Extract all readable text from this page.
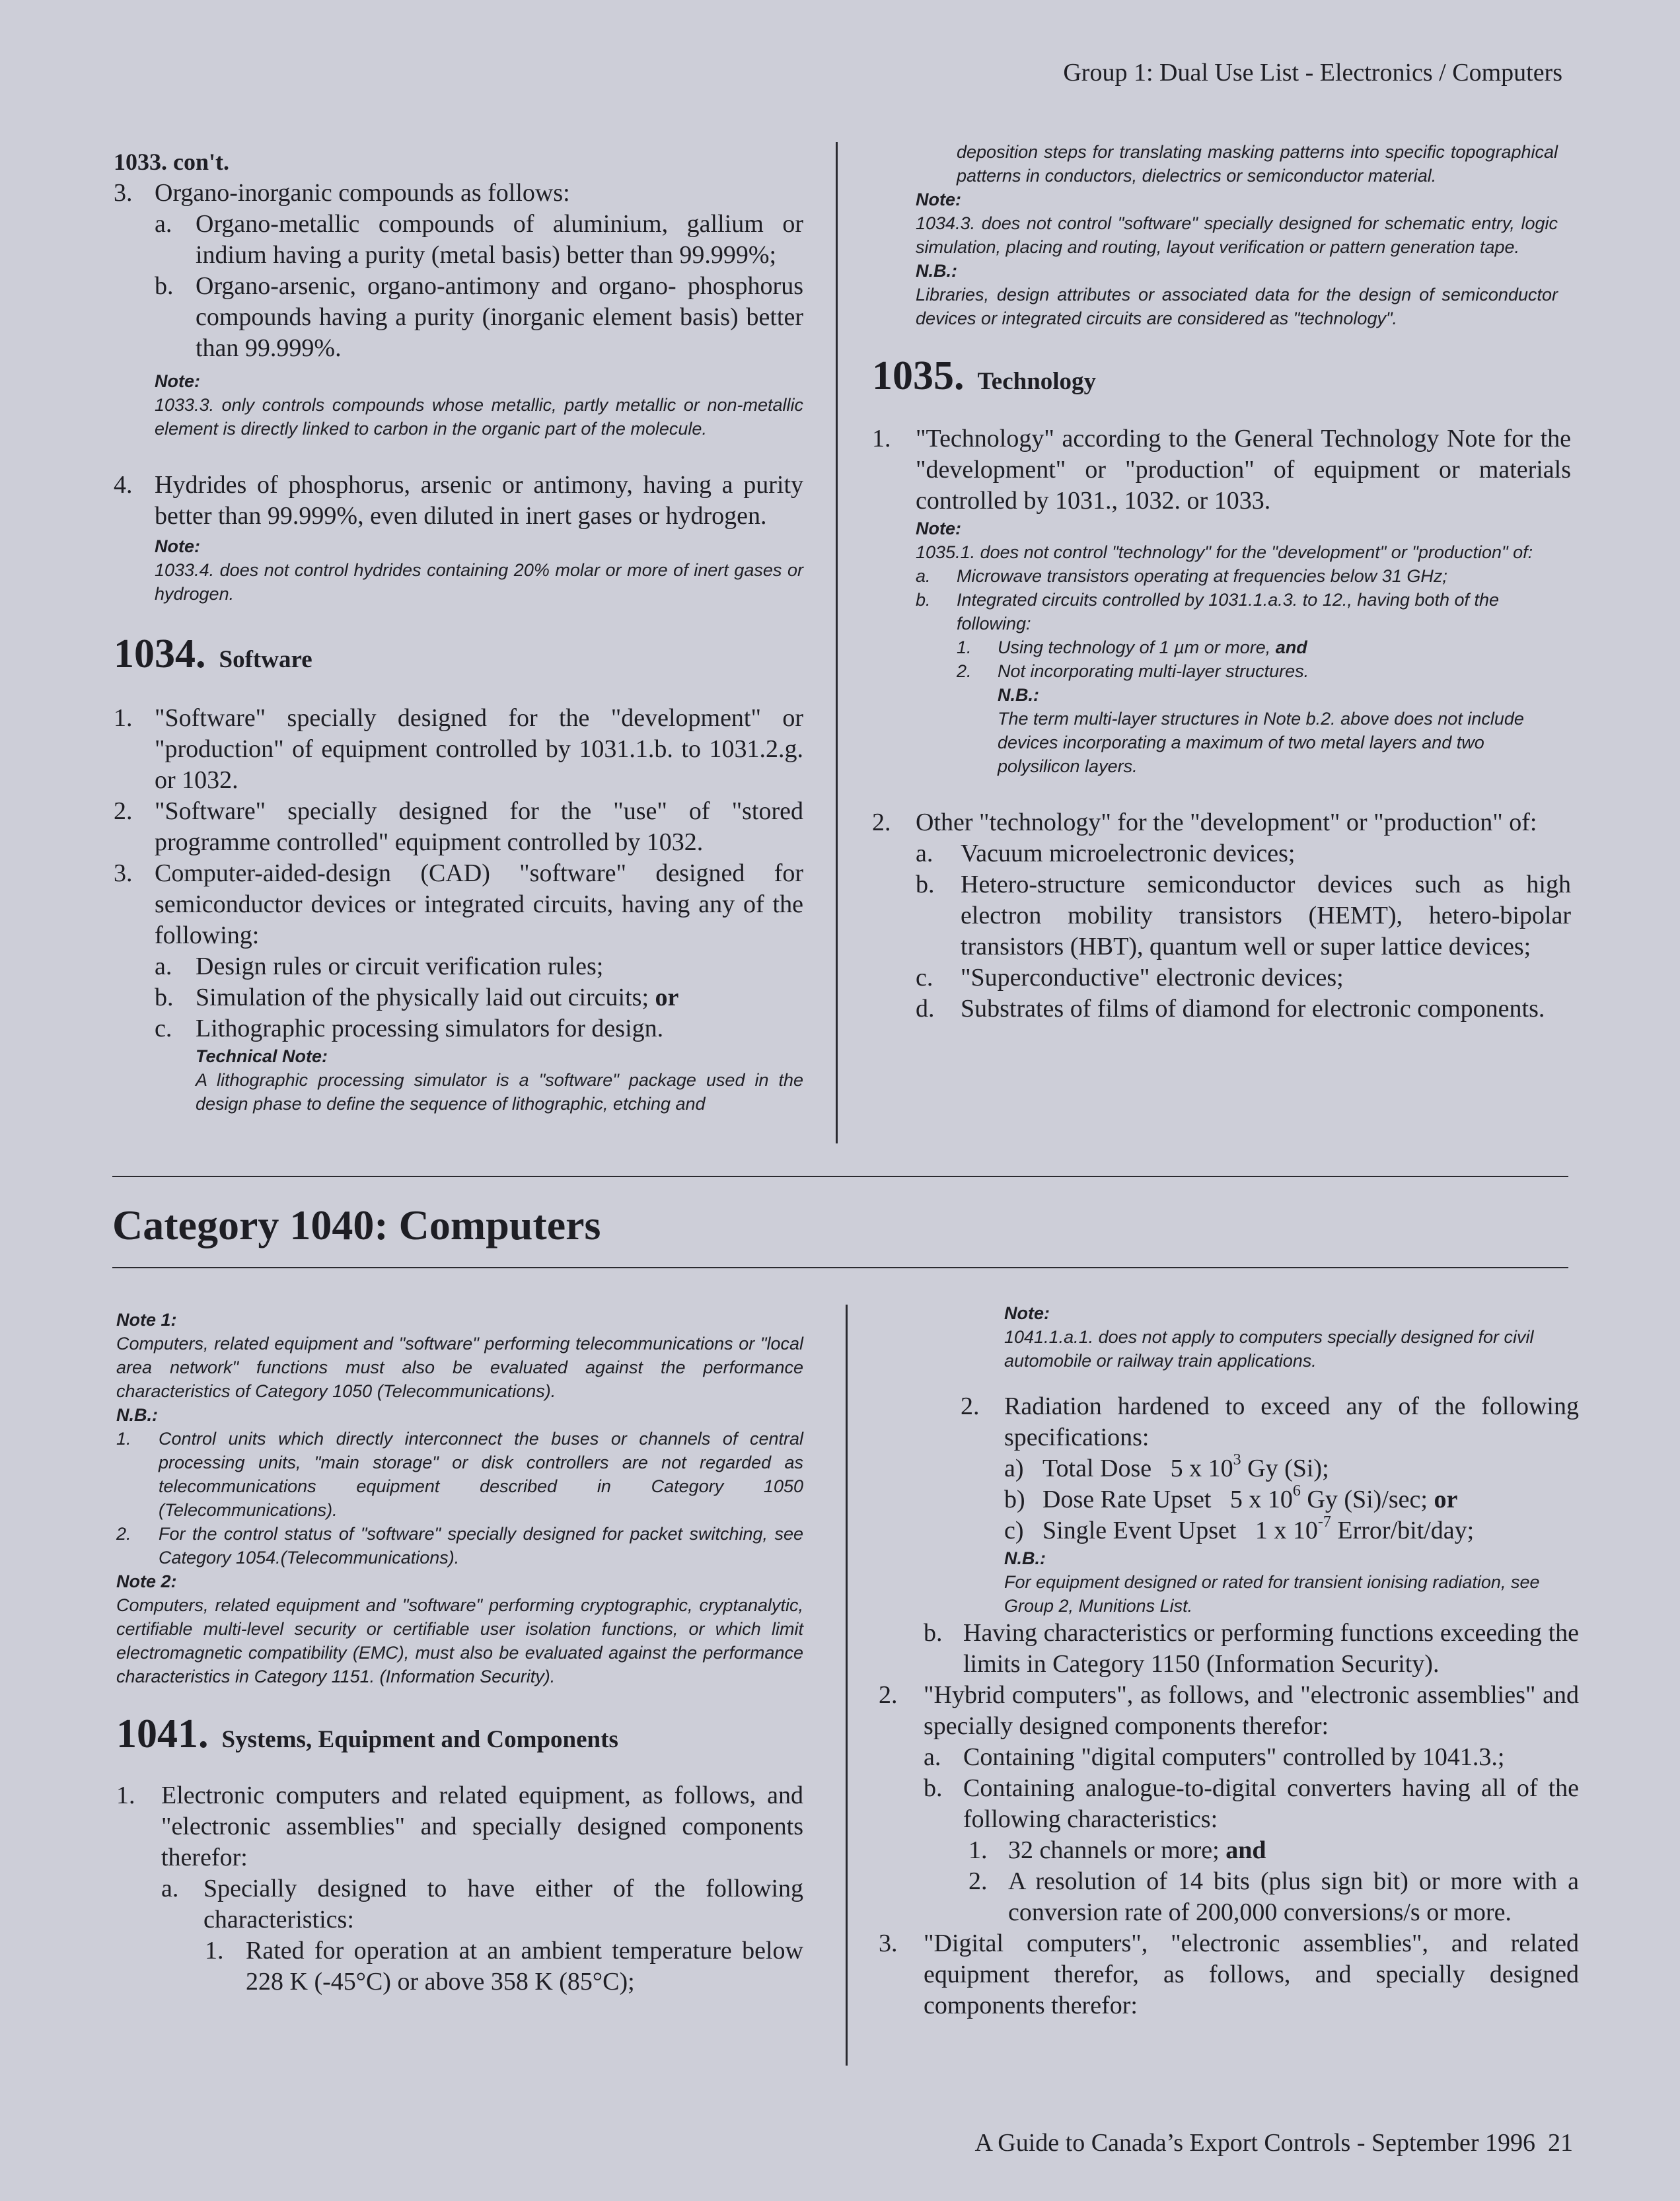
Group 1: Dual Use List - Electronics / Computers
A Guide to Canada’s Export Controls - September 1996 21
1033. con't.
3. Organo-inorganic compounds as follows:
a. Organo-metallic compounds of aluminium, gallium or indium having a purity (metal basis) better than 99.999%;
b. Organo-arsenic, organo-antimony and organo- phosphorus compounds having a purity (inorganic element basis) better than 99.999%.
Note:
1033.3. only controls compounds whose metallic, partly metallic or non-metallic element is directly linked to carbon in the organic part of the molecule.
4. Hydrides of phosphorus, arsenic or antimony, having a purity better than 99.999%, even diluted in inert gases or hydrogen.
Note:
1033.4. does not control hydrides containing 20% molar or more of inert gases or hydrogen.
1034. Software
1. "Software" specially designed for the "development" or "production" of equipment controlled by 1031.1.b. to 1031.2.g. or 1032.
2. "Software" specially designed for the "use" of "stored programme controlled" equipment controlled by 1032.
3. Computer-aided-design (CAD) "software" designed for semiconductor devices or integrated circuits, having any of the following:
a. Design rules or circuit verification rules;
b. Simulation of the physically laid out circuits; or
c. Lithographic processing simulators for design.
Technical Note:
A lithographic processing simulator is a "software" package used in the design phase to define the sequence of lithographic, etching and
deposition steps for translating masking patterns into specific topographical patterns in conductors, dielectrics or semiconductor material.
Note:
1034.3. does not control "software" specially designed for schematic entry, logic simulation, placing and routing, layout verification or pattern generation tape.
N.B.:
Libraries, design attributes or associated data for the design of semiconductor devices or integrated circuits are considered as "technology".
1035. Technology
1. "Technology" according to the General Technology Note for the "development" or "production" of equipment or materials controlled by 1031., 1032. or 1033.
Note:
1035.1. does not control "technology" for the "development" or "production" of:
a. Microwave transistors operating at frequencies below 31 GHz;
b. Integrated circuits controlled by 1031.1.a.3. to 12., having both of the following:
1. Using technology of 1 µm or more, and
2. Not incorporating multi-layer structures.
N.B.:
The term multi-layer structures in Note b.2. above does not include devices incorporating a maximum of two metal layers and two polysilicon layers.
2. Other "technology" for the "development" or "production" of:
a. Vacuum microelectronic devices;
b. Hetero-structure semiconductor devices such as high electron mobility transistors (HEMT), hetero-bipolar transistors (HBT), quantum well or super lattice devices;
c. "Superconductive" electronic devices;
d. Substrates of films of diamond for electronic components.
Category 1040: Computers
Note 1:
Computers, related equipment and "software" performing telecommunications or "local area network" functions must also be evaluated against the performance characteristics of Category 1050 (Telecommunications).
N.B.:
1. Control units which directly interconnect the buses or channels of central processing units, "main storage" or disk controllers are not regarded as telecommunications equipment described in Category 1050 (Telecommunications).
2. For the control status of "software" specially designed for packet switching, see Category 1054.(Telecommunications).
Note 2:
Computers, related equipment and "software" performing cryptographic, cryptanalytic, certifiable multi-level security or certifiable user isolation functions, or which limit electromagnetic compatibility (EMC), must also be evaluated against the performance characteristics in Category 1151. (Information Security).
1041. Systems, Equipment and Components
1. Electronic computers and related equipment, as follows, and "electronic assemblies" and specially designed components therefor:
a. Specially designed to have either of the following characteristics:
1. Rated for operation at an ambient temperature below 228 K (-45°C) or above 358 K (85°C);
Note:
1041.1.a.1. does not apply to computers specially designed for civil automobile or railway train applications.
2. Radiation hardened to exceed any of the following specifications:
a) Total Dose 5 x $10^3$ Gy (Si);
b) Dose Rate Upset 5 x $10^6$ Gy (Si)/sec; or
c) Single Event Upset 1 x $10^{-7}$ Error/bit/day;
N.B.:
For equipment designed or rated for transient ionising radiation, see Group 2, Munitions List.
b. Having characteristics or performing functions exceeding the limits in Category 1150 (Information Security).
2. "Hybrid computers", as follows, and "electronic assemblies" and specially designed components therefor:
a. Containing "digital computers" controlled by 1041.3.;
b. Containing analogue-to-digital converters having all of the following characteristics:
1. 32 channels or more; and
2. A resolution of 14 bits (plus sign bit) or more with a conversion rate of 200,000 conversions/s or more.
3. "Digital computers", "electronic assemblies", and related equipment therefor, as follows, and specially designed components therefor:
